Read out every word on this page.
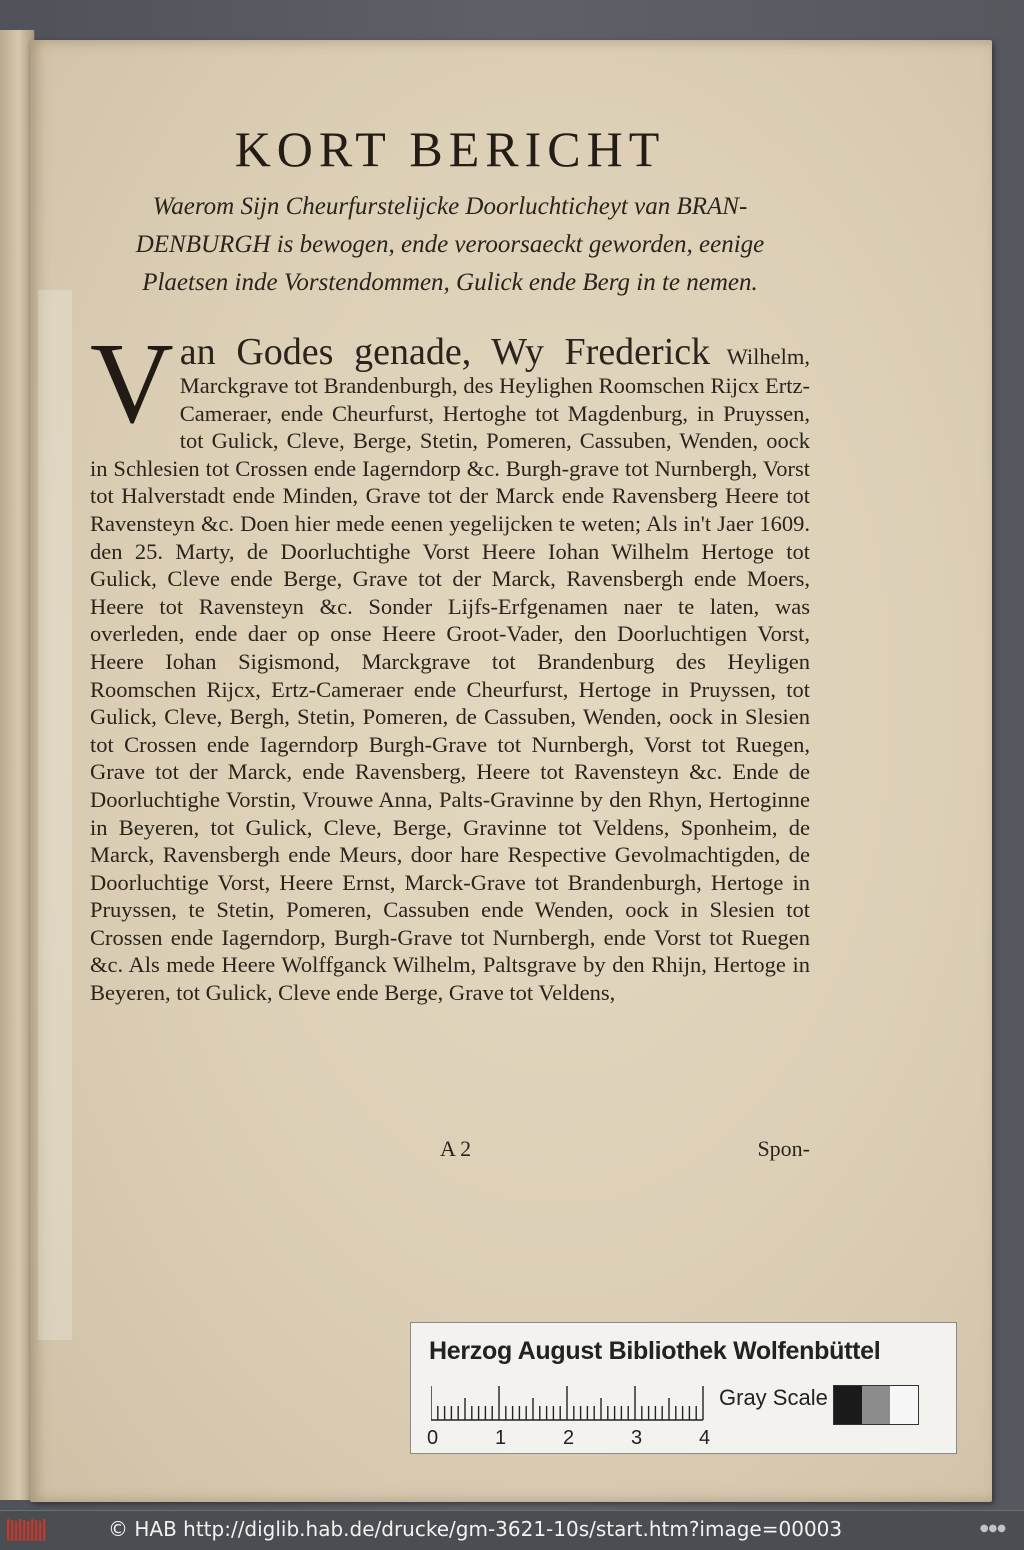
KORT BERICHT

Waerom Sijn Cheurfurstelijcke Doorluchticheyt van BRAN-DENBURGH is bewogen, ende veroorsaeckt geworden, eenige Plaetsen inde Vorstendommen, Gulick ende Berg in te nemen.

V an Godes genade, Wy Frederick Wilhelm, Marckgrave tot Brandenburgh, des Heylighen Roomschen Rijcx Ertz-Cameraer, ende Cheurfurst, Hertoghe tot Magdenburg, in Pruyssen, tot Gulick, Cleve, Berge, Stetin, Pomeren, Cassuben, Wenden, oock in Schlesien tot Crossen ende Iagerndorp &c. Burgh-grave tot Nurnbergh, Vorst tot Halverstadt ende Minden, Grave tot der Marck ende Ravensberg Heere tot Ravensteyn &c. Doen hier mede eenen yegelijcken te weten; Als in't Jaer 1609. den 25. Marty, de Doorluchtighe Vorst Heere Iohan Wilhelm Hertoge tot Gulick, Cleve ende Berge, Grave tot der Marck, Ravensbergh ende Moers, Heere tot Ravensteyn &c. Sonder Lijfs-Erfgenamen naer te laten, was overleden, ende daer op onse Heere Groot-Vader, den Doorluchtigen Vorst, Heere Iohan Sigismond, Marckgrave tot Brandenburg des Heyligen Roomschen Rijcx, Ertz-Cameraer ende Cheurfurst, Hertoge in Pruyssen, tot Gulick, Cleve, Bergh, Stetin, Pomeren, de Cassuben, Wenden, oock in Slesien tot Crossen ende Iagerndorp Burgh-Grave tot Nurnbergh, Vorst tot Ruegen, Grave tot der Marck, ende Ravensberg, Heere tot Ravensteyn &c. Ende de Doorluchtighe Vorstin, Vrouwe Anna, Palts-Gravinne by den Rhyn, Hertoginne in Beyeren, tot Gulick, Cleve, Berge, Gravinne tot Veldens, Sponheim, de Marck, Ravensbergh ende Meurs, door hare Respective Gevolmachtigden, de Doorluchtige Vorst, Heere Ernst, Marck-Grave tot Brandenburgh, Hertoge in Pruyssen, te Stetin, Pomeren, Cassuben ende Wenden, oock in Slesien tot Crossen ende Iagerndorp, Burgh-Grave tot Nurnbergh, ende Vorst tot Ruegen &c. Als mede Heere Wolffganck Wilhelm, Paltsgrave by den Rhijn, Hertoge in Beyeren, tot Gulick, Cleve ende Berge, Grave tot Veldens,
A 2	Spon-
Herzog August Bibliothek Wolfenbüttel
0	1	2	3	4
Gray Scale
© HAB http://diglib.hab.de/drucke/gm-3621-10s/start.htm?image=00003	●●●
